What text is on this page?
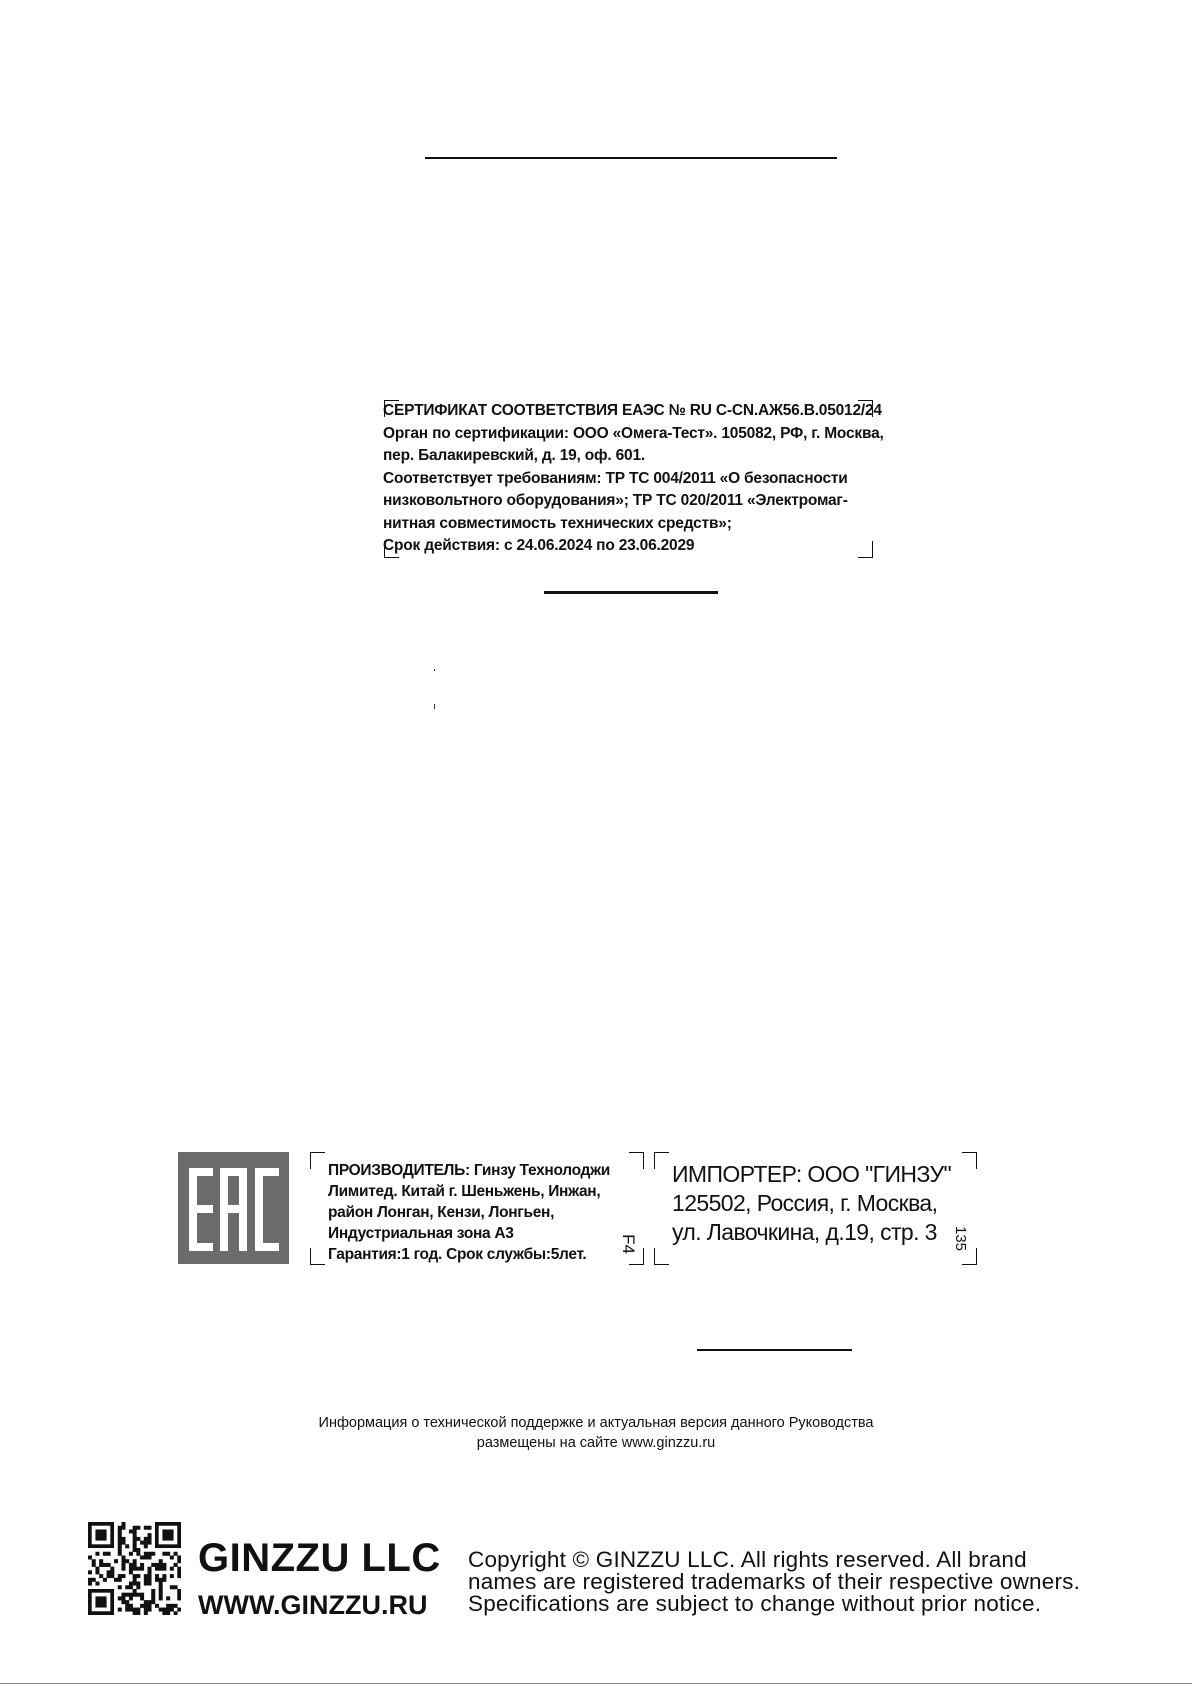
СЕРТИФИКАТ СООТВЕТСТВИЯ ЕАЭС № RU С-CN.АЖ56.В.05012/24
Орган по сертификации: ООО «Омега-Тест». 105082, РФ, г. Москва,
пер. Балакиревский, д. 19, оф. 601.
Соответствует требованиям: ТР ТС 004/2011 «О безопасности
низковольтного оборудования»; ТР ТС 020/2011 «Электромаг-
нитная совместимость технических средств»;
Срок действия: с 24.06.2024 по 23.06.2029
ПРОИЗВОДИТЕЛЬ: Гинзу Технолоджи
Лимитед. Китай г. Шеньжень, Инжан,
район Лонган, Кензи, Лонгьен,
Индустриальная зона А3
Гарантия:1 год. Срок службы:5лет.
F4
ИМПОРТЕР: ООО "ГИНЗУ"
125502, Россия, г. Москва,
ул. Лавочкина, д.19, стр. 3	135
Информация о технической поддержке и актуальная версия данного Руководства
размещены на сайте www.ginzzu.ru
GINZZU LLC
WWW.GINZZU.RU
Copyright © GINZZU LLC. All rights reserved. All brand
names are registered trademarks of their respective owners.
Specifications are subject to change without prior notice.
